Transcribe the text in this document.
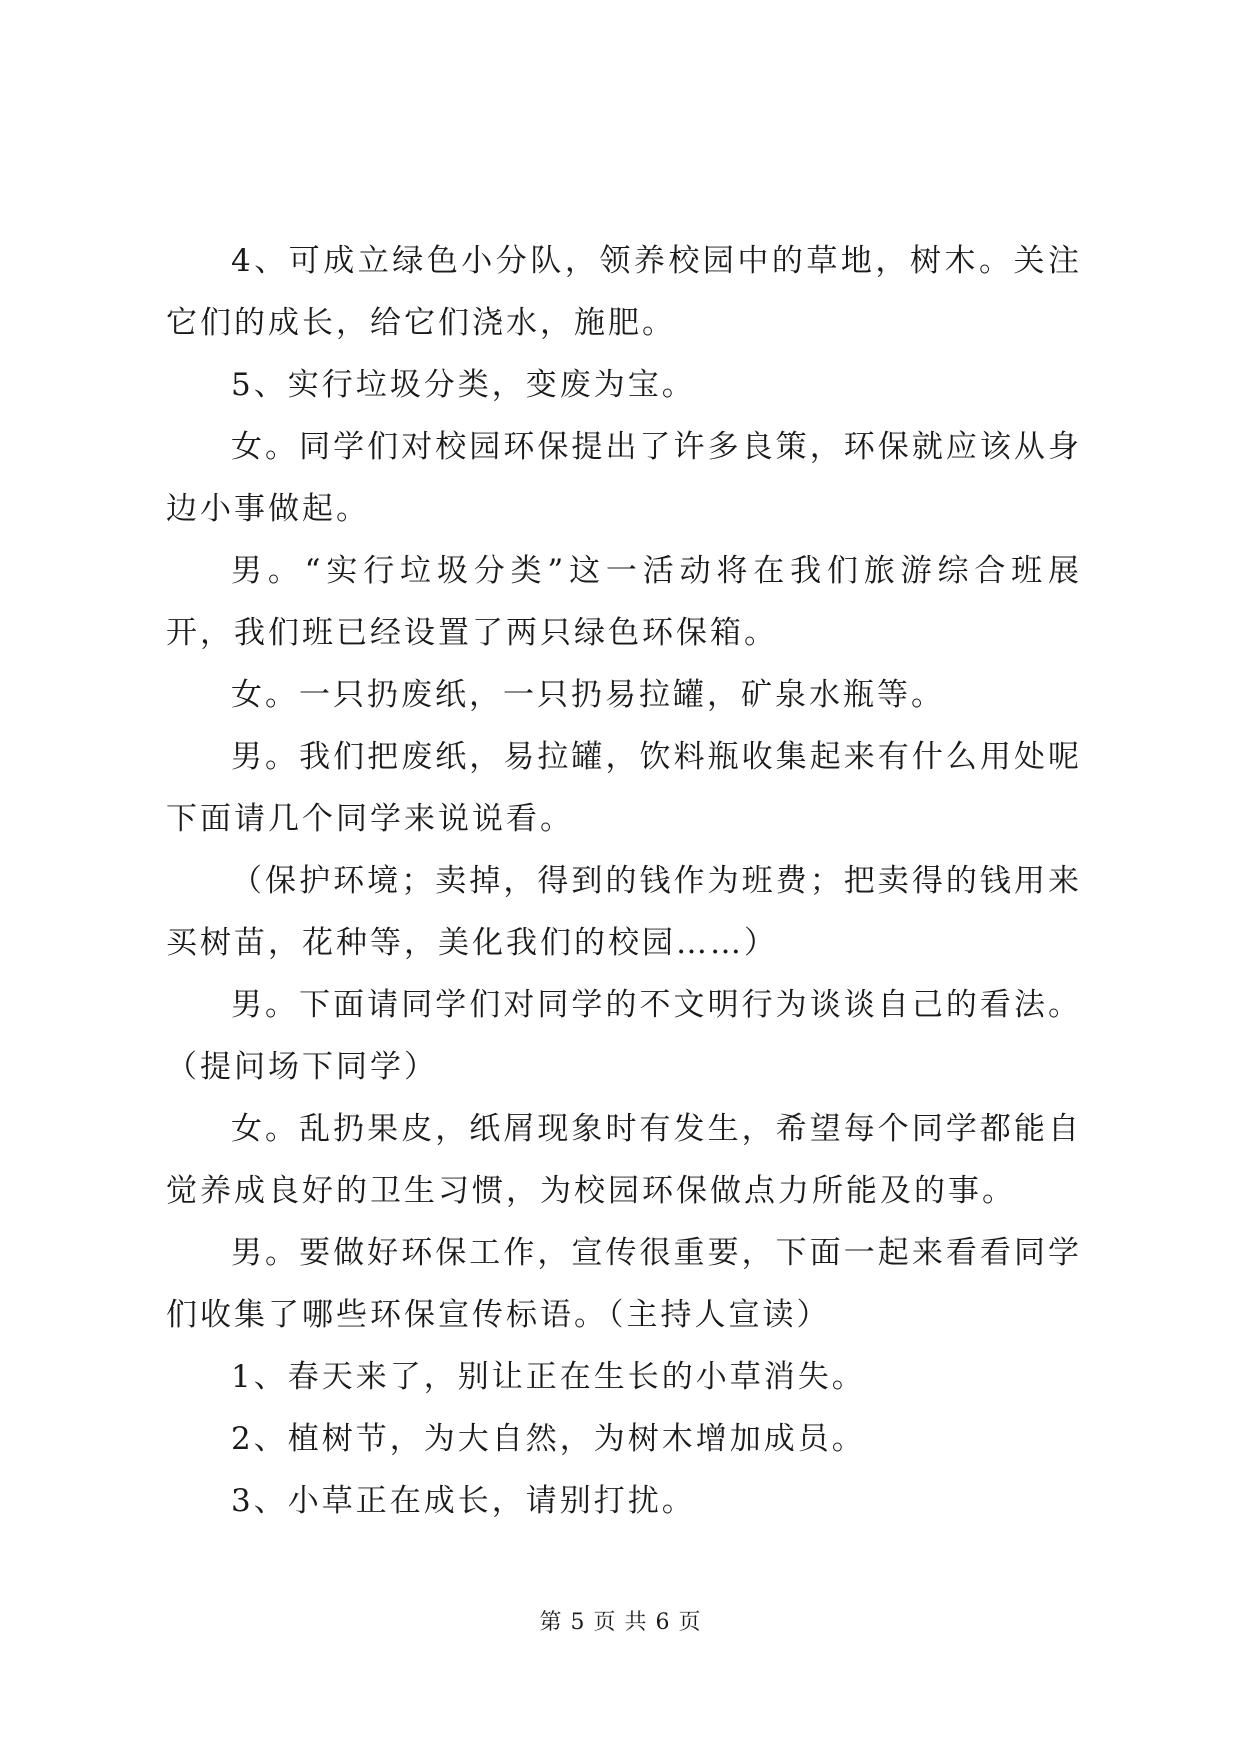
4、可成立绿色小分队，领养校园中的草地，树木。关注它们的成长，给它们浇水，施肥。

5、实行垃圾分类，变废为宝。

女。同学们对校园环保提出了许多良策，环保就应该从身边小事做起。

男。“实行垃圾分类”这一活动将在我们旅游综合班展开，我们班已经设置了两只绿色环保箱。

女。一只扔废纸，一只扔易拉罐，矿泉水瓶等。

男。我们把废纸，易拉罐，饮料瓶收集起来有什么用处呢下面请几个同学来说说看。

（保护环境；卖掉，得到的钱作为班费；把卖得的钱用来买树苗，花种等，美化我们的校园……）

男。下面请同学们对同学的不文明行为谈谈自己的看法。（提问场下同学）

女。乱扔果皮，纸屑现象时有发生，希望每个同学都能自觉养成良好的卫生习惯，为校园环保做点力所能及的事。

男。要做好环保工作，宣传很重要，下面一起来看看同学们收集了哪些环保宣传标语。（主持人宣读）

1、春天来了，别让正在生长的小草消失。

2、植树节，为大自然，为树木增加成员。

3、小草正在成长，请别打扰。

第 5 页 共 6 页
